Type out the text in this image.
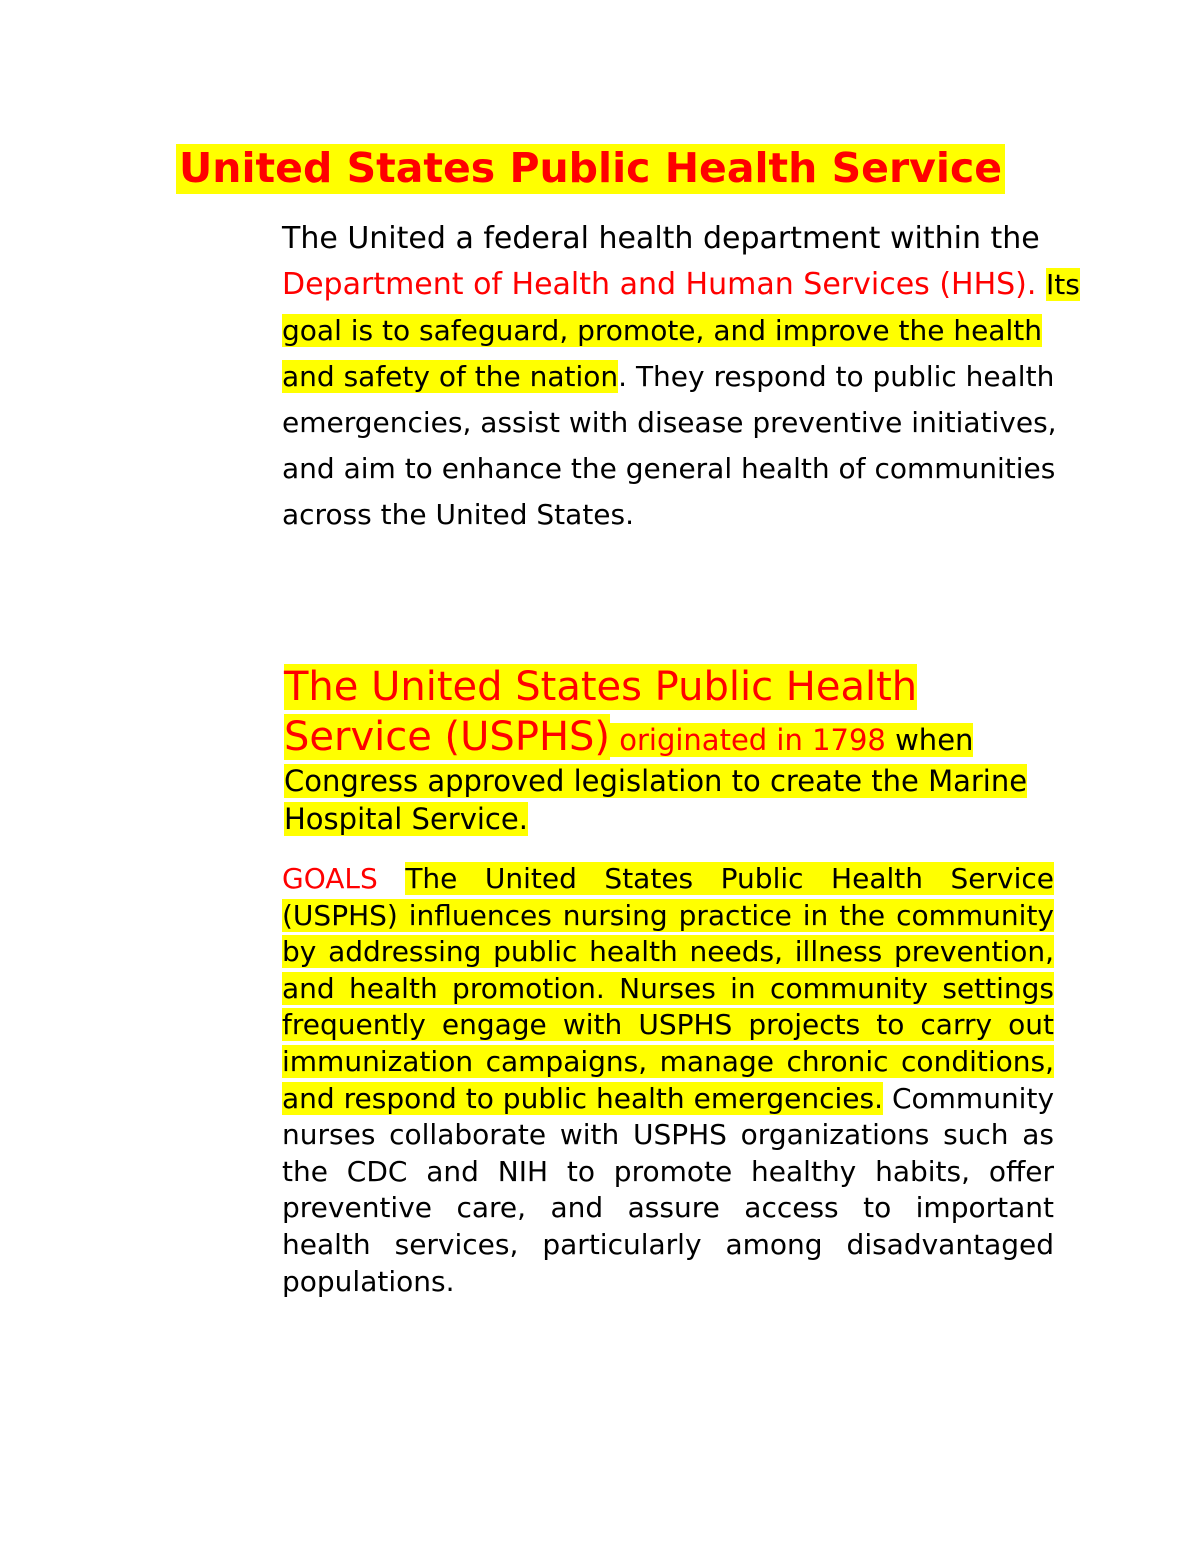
United States Public Health Service

The United a federal health department within the Department of Health and Human Services (HHS). Its goal is to safeguard, promote, and improve the health and safety of the nation. They respond to public health emergencies, assist with disease preventive initiatives, and aim to enhance the general health of communities across the United States.

The United States Public Health Service (USPHS) originated in 1798 when Congress approved legislation to create the Marine Hospital Service.

GOALS The United States Public Health Service (USPHS) influences nursing practice in the community by addressing public health needs, illness prevention, and health promotion. Nurses in community settings frequently engage with USPHS projects to carry out immunization campaigns, manage chronic conditions, and respond to public health emergencies. Community nurses collaborate with USPHS organizations such as the CDC and NIH to promote healthy habits, offer preventive care, and assure access to important health services, particularly among disadvantaged populations.
